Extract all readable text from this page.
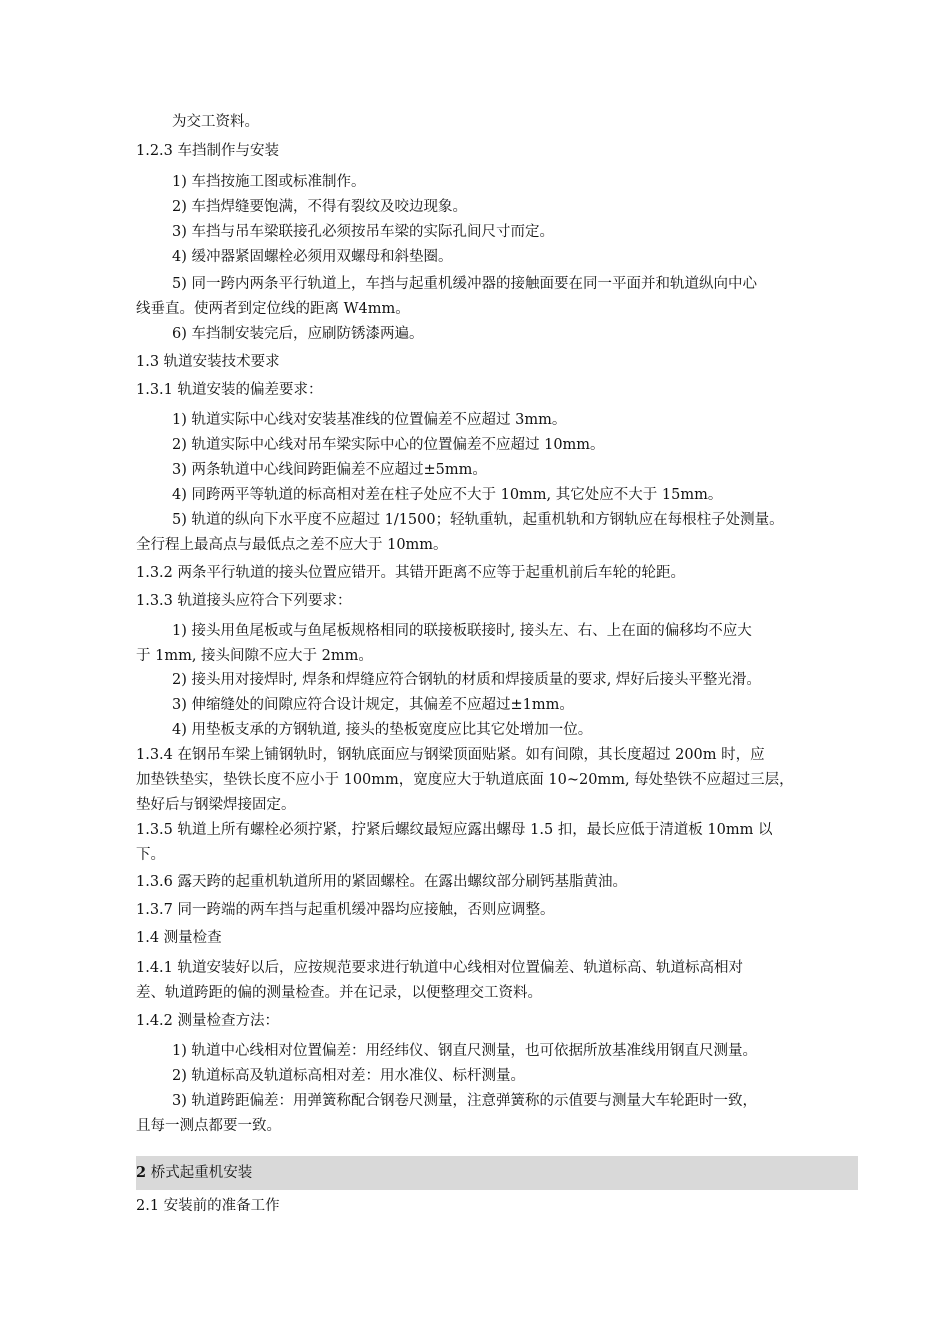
为交工资料。
1.2.3 车挡制作与安装
1) 车挡按施工图或标准制作。
2) 车挡焊缝要饱满，不得有裂纹及咬边现象。
3) 车挡与吊车梁联接孔必须按吊车梁的实际孔间尺寸而定。
4) 缓冲器紧固螺栓必须用双螺母和斜垫圈。
5) 同一跨内两条平行轨道上，车挡与起重机缓冲器的接触面要在同一平面并和轨道纵向中心
线垂直。使两者到定位线的距离 W4mm。
6) 车挡制安装完后，应刷防锈漆两遍。
1.3 轨道安装技术要求
1.3.1 轨道安装的偏差要求：
1) 轨道实际中心线对安装基准线的位置偏差不应超过 3mm。
2) 轨道实际中心线对吊车梁实际中心的位置偏差不应超过 10mm。
3) 两条轨道中心线间跨距偏差不应超过±5mm。
4) 同跨两平等轨道的标高相对差在柱子处应不大于 10mm, 其它处应不大于 15mm。
5) 轨道的纵向下水平度不应超过 1/1500；轻轨重轨，起重机轨和方钢轨应在每根柱子处测量。
全行程上最高点与最低点之差不应大于 10mm。
1.3.2 两条平行轨道的接头位置应错开。其错开距离不应等于起重机前后车轮的轮距。
1.3.3 轨道接头应符合下列要求：
1) 接头用鱼尾板或与鱼尾板规格相同的联接板联接时, 接头左、右、上在面的偏移均不应大
于 1mm, 接头间隙不应大于 2mm。
2) 接头用对接焊时, 焊条和焊缝应符合钢轨的材质和焊接质量的要求, 焊好后接头平整光滑。
3) 伸缩缝处的间隙应符合设计规定，其偏差不应超过±1mm。
4) 用垫板支承的方钢轨道, 接头的垫板宽度应比其它处增加一位。
1.3.4 在钢吊车梁上铺钢轨时，钢轨底面应与钢梁顶面贴紧。如有间隙，其长度超过 200m 时，应
加垫铁垫实，垫铁长度不应小于 100mm，宽度应大于轨道底面 10~20mm, 每处垫铁不应超过三层，
垫好后与钢梁焊接固定。
1.3.5 轨道上所有螺栓必须拧紧，拧紧后螺纹最短应露出螺母 1.5 扣，最长应低于清道板 10mm 以
下。
1.3.6 露天跨的起重机轨道所用的紧固螺栓。在露出螺纹部分刷钙基脂黄油。
1.3.7 同一跨端的两车挡与起重机缓冲器均应接触，否则应调整。
1.4 测量检查
1.4.1 轨道安装好以后，应按规范要求进行轨道中心线相对位置偏差、轨道标高、轨道标高相对
差、轨道跨距的偏的测量检查。并在记录，以便整理交工资料。
1.4.2 测量检查方法：
1) 轨道中心线相对位置偏差：用经纬仪、钢直尺测量，也可依据所放基准线用钢直尺测量。
2) 轨道标高及轨道标高相对差：用水准仪、标杆测量。
3) 轨道跨距偏差：用弹簧称配合钢卷尺测量，注意弹簧称的示值要与测量大车轮距时一致，
且每一测点都要一致。
2 桥式起重机安装
2.1 安装前的准备工作
